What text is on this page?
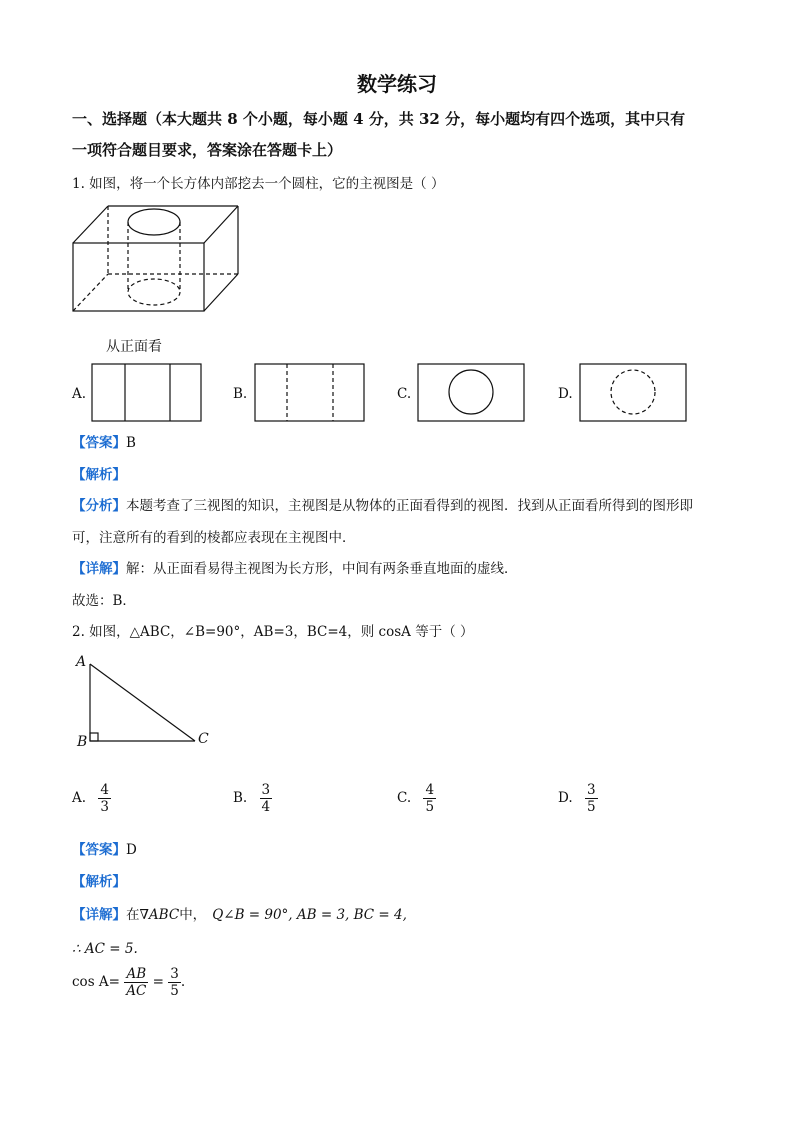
数学练习
一、选择题（本大题共 8 个小题，每小题 4 分，共 32 分，每小题均有四个选项，其中只有
一项符合题目要求，答案涂在答题卡上）
1. 如图，将一个长方体内部挖去一个圆柱，它的主视图是（ ）
从正面看
A.	B.	C.	D.
【答案】B
【解析】
【分析】本题考查了三视图的知识，主视图是从物体的正面看得到的视图．找到从正面看所得到的图形即
可，注意所有的看到的棱都应表现在主视图中．
【详解】解：从正面看易得主视图为长方形，中间有两条垂直地面的虚线．
故选：B．
2. 如图，△ABC，∠B=90°，AB=3，BC=4，则 cosA 等于（ ）
A
B	C
A. $\frac{4}{3}$	B. $\frac{3}{4}$	C. $\frac{4}{5}$	D. $\frac{3}{5}$
【答案】D
【解析】
【详解】在∇ABC中， Q∠B = 90°, AB = 3, BC = 4,
∴ AC = 5.
$\cos A= \frac{AB}{AC} = \frac{3}{5}$ .
